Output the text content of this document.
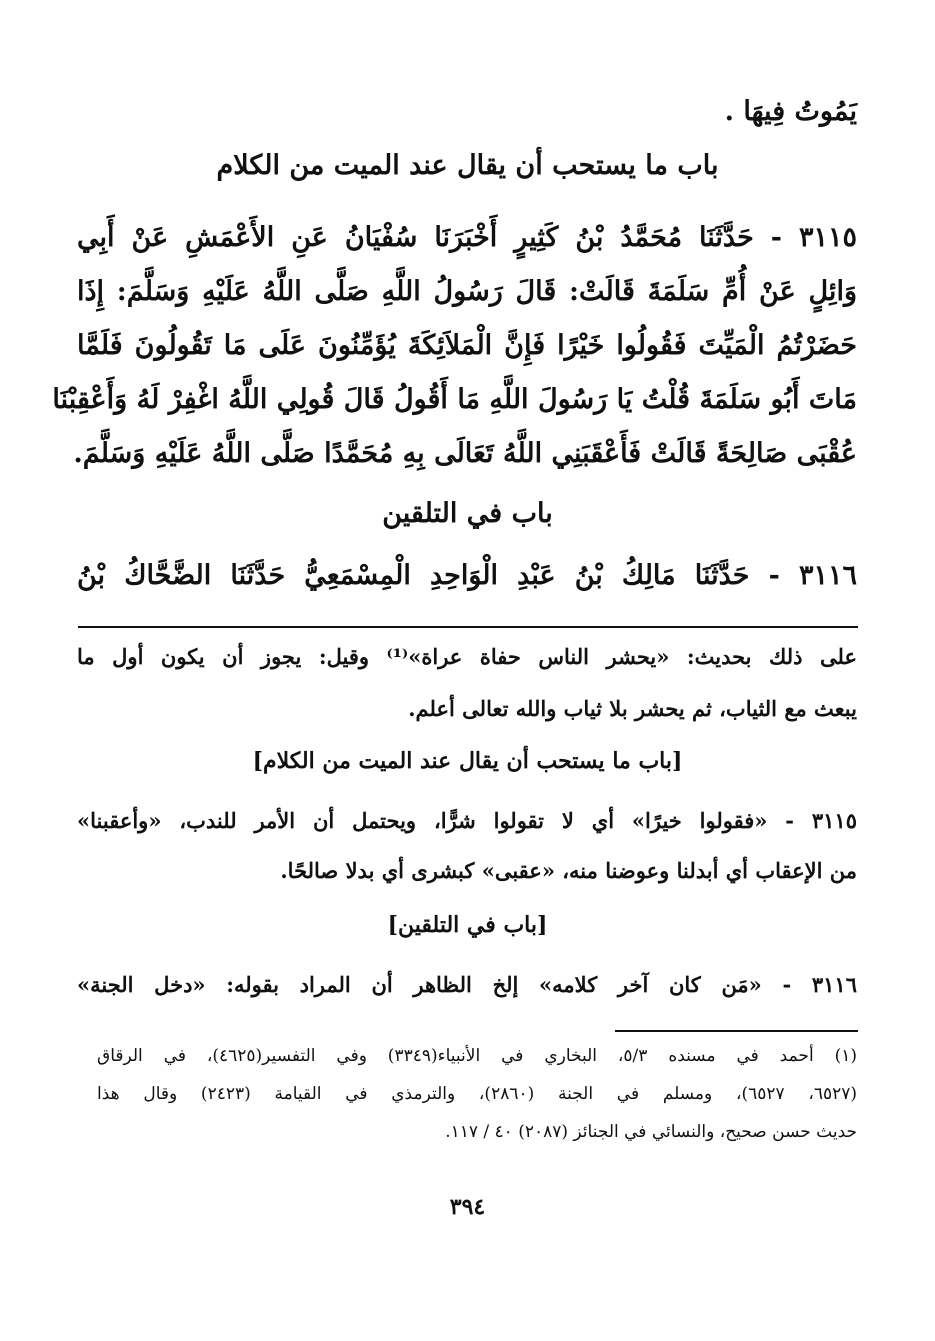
يَمُوتُ فِيهَا .
باب ما يستحب أن يقال عند الميت من الكلام
٣١١٥ - حَدَّثَنَا مُحَمَّدُ بْنُ كَثِيرٍ أَخْبَرَنَا سُفْيَانُ عَنِ الأَعْمَشِ عَنْ أَبِي
وَائِلٍ عَنْ أُمِّ سَلَمَةَ قَالَتْ: قَالَ رَسُولُ اللَّهِ صَلَّى اللَّهُ عَلَيْهِ وَسَلَّمَ: إِذَا
حَضَرْتُمُ الْمَيِّتَ فَقُولُوا خَيْرًا فَإِنَّ الْمَلاَئِكَةَ يُؤَمِّنُونَ عَلَى مَا تَقُولُونَ فَلَمَّا
مَاتَ أَبُو سَلَمَةَ قُلْتُ يَا رَسُولَ اللَّهِ مَا أَقُولُ قَالَ قُولِي اللَّهُ اغْفِرْ لَهُ وَأَعْقِبْنَا
عُقْبَى صَالِحَةً قَالَتْ فَأَعْقَبَنِي اللَّهُ تَعَالَى بِهِ مُحَمَّدًا صَلَّى اللَّهُ عَلَيْهِ وَسَلَّمَ.
باب في التلقين
٣١١٦ - حَدَّثَنَا مَالِكُ بْنُ عَبْدِ الْوَاحِدِ الْمِسْمَعِيُّ حَدَّثَنَا الضَّحَّاكُ بْنُ
على ذلك بحديث: «يحشر الناس حفاة عراة»⁽¹⁾ وقيل: يجوز أن يكون أول ما
يبعث مع الثياب، ثم يحشر بلا ثياب والله تعالى أعلم.
[باب ما يستحب أن يقال عند الميت من الكلام]
٣١١٥ - «فقولوا خيرًا» أي لا تقولوا شرًّا، ويحتمل أن الأمر للندب، «وأعقبنا»
من الإعقاب أي أبدلنا وعوضنا منه، «عقبى» كبشرى أي بدلا صالحًا.
[باب في التلقين]
٣١١٦ - «مَن كان آخر كلامه» إلخ الظاهر أن المراد بقوله: «دخل الجنة»
(١) أحمد في مسنده ٥/٣، البخاري في الأنبياء(٣٣٤٩) وفي التفسير(٤٦٢٥)، في الرقاق
(٦٥٢٧، ٦٥٢٧)، ومسلم في الجنة (٢٨٦٠)، والترمذي في القيامة (٢٤٢٣) وقال هذا
حديث حسن صحيح، والنسائي في الجنائز (٢٠٨٧) ٤٠ / ١١٧.
٣٩٤
